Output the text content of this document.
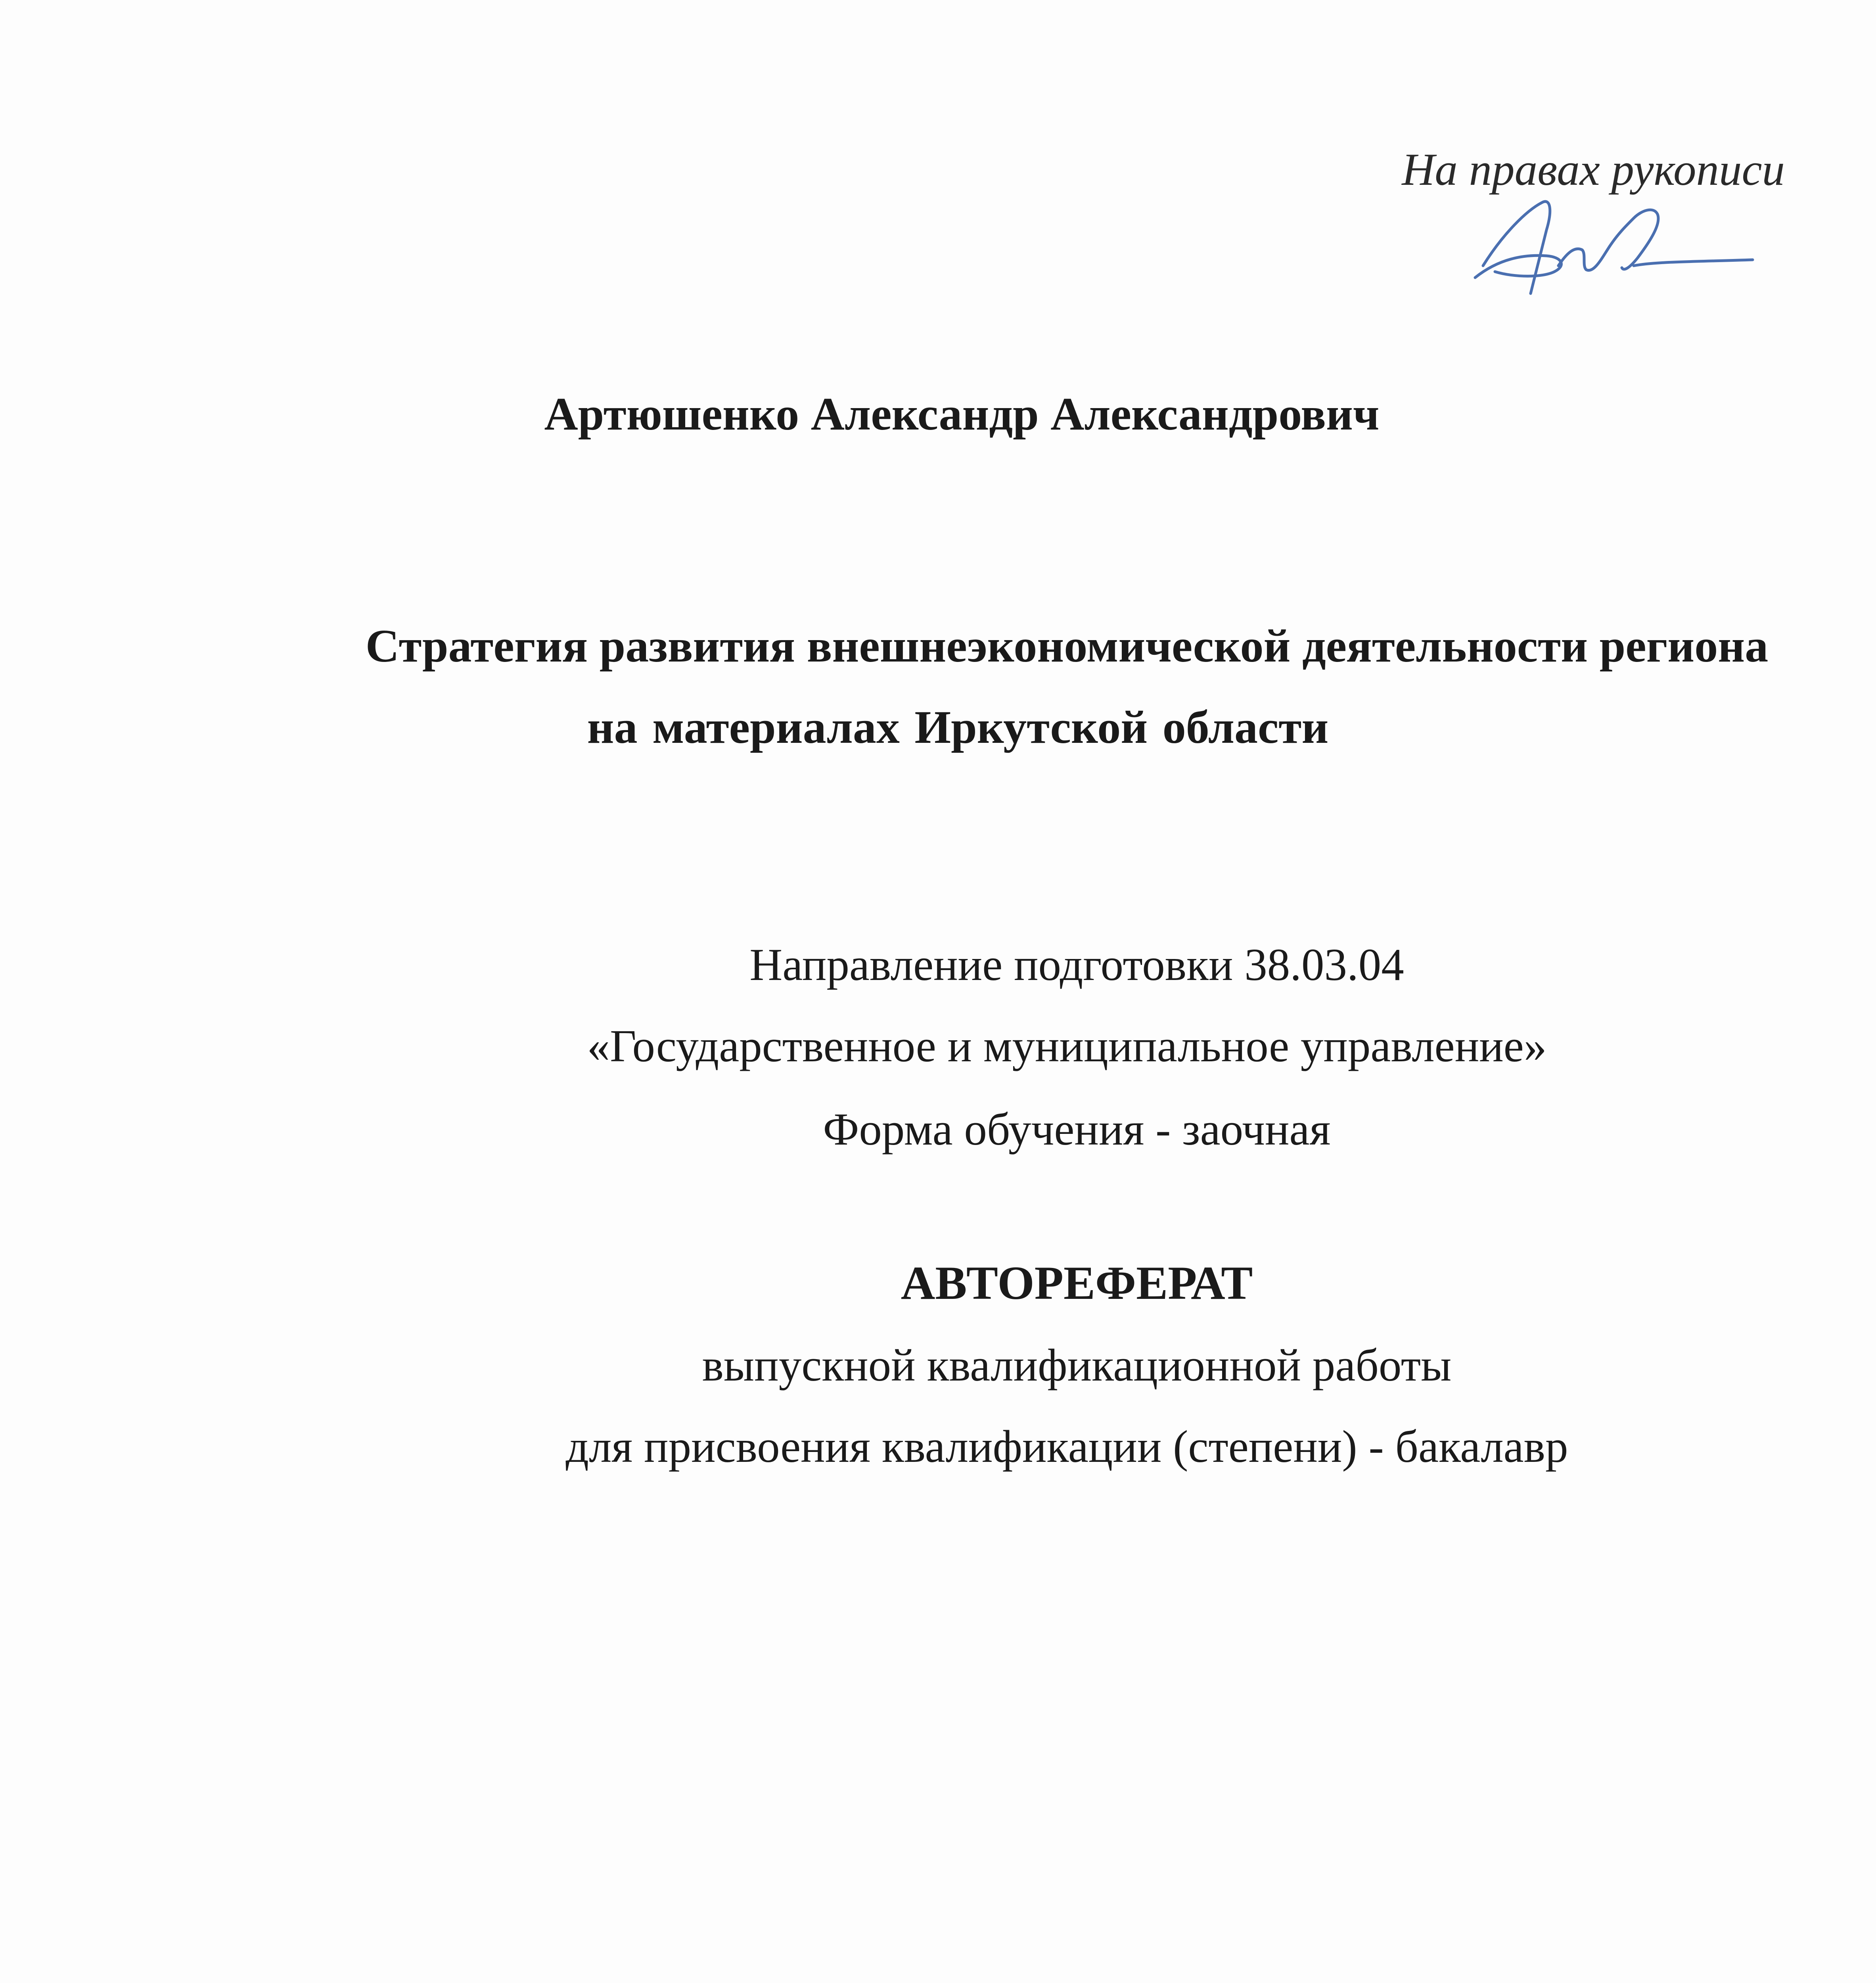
На правах рукописи
Артюшенко Александр Александрович
Стратегия развития внешнеэкономической деятельности региона
на материалах Иркутской области
Направление подготовки 38.03.04
«Государственное и муниципальное управление»
Форма обучения - заочная
АВТОРЕФЕРАТ
выпускной квалификационной работы
для присвоения квалификации (степени) - бакалавр
